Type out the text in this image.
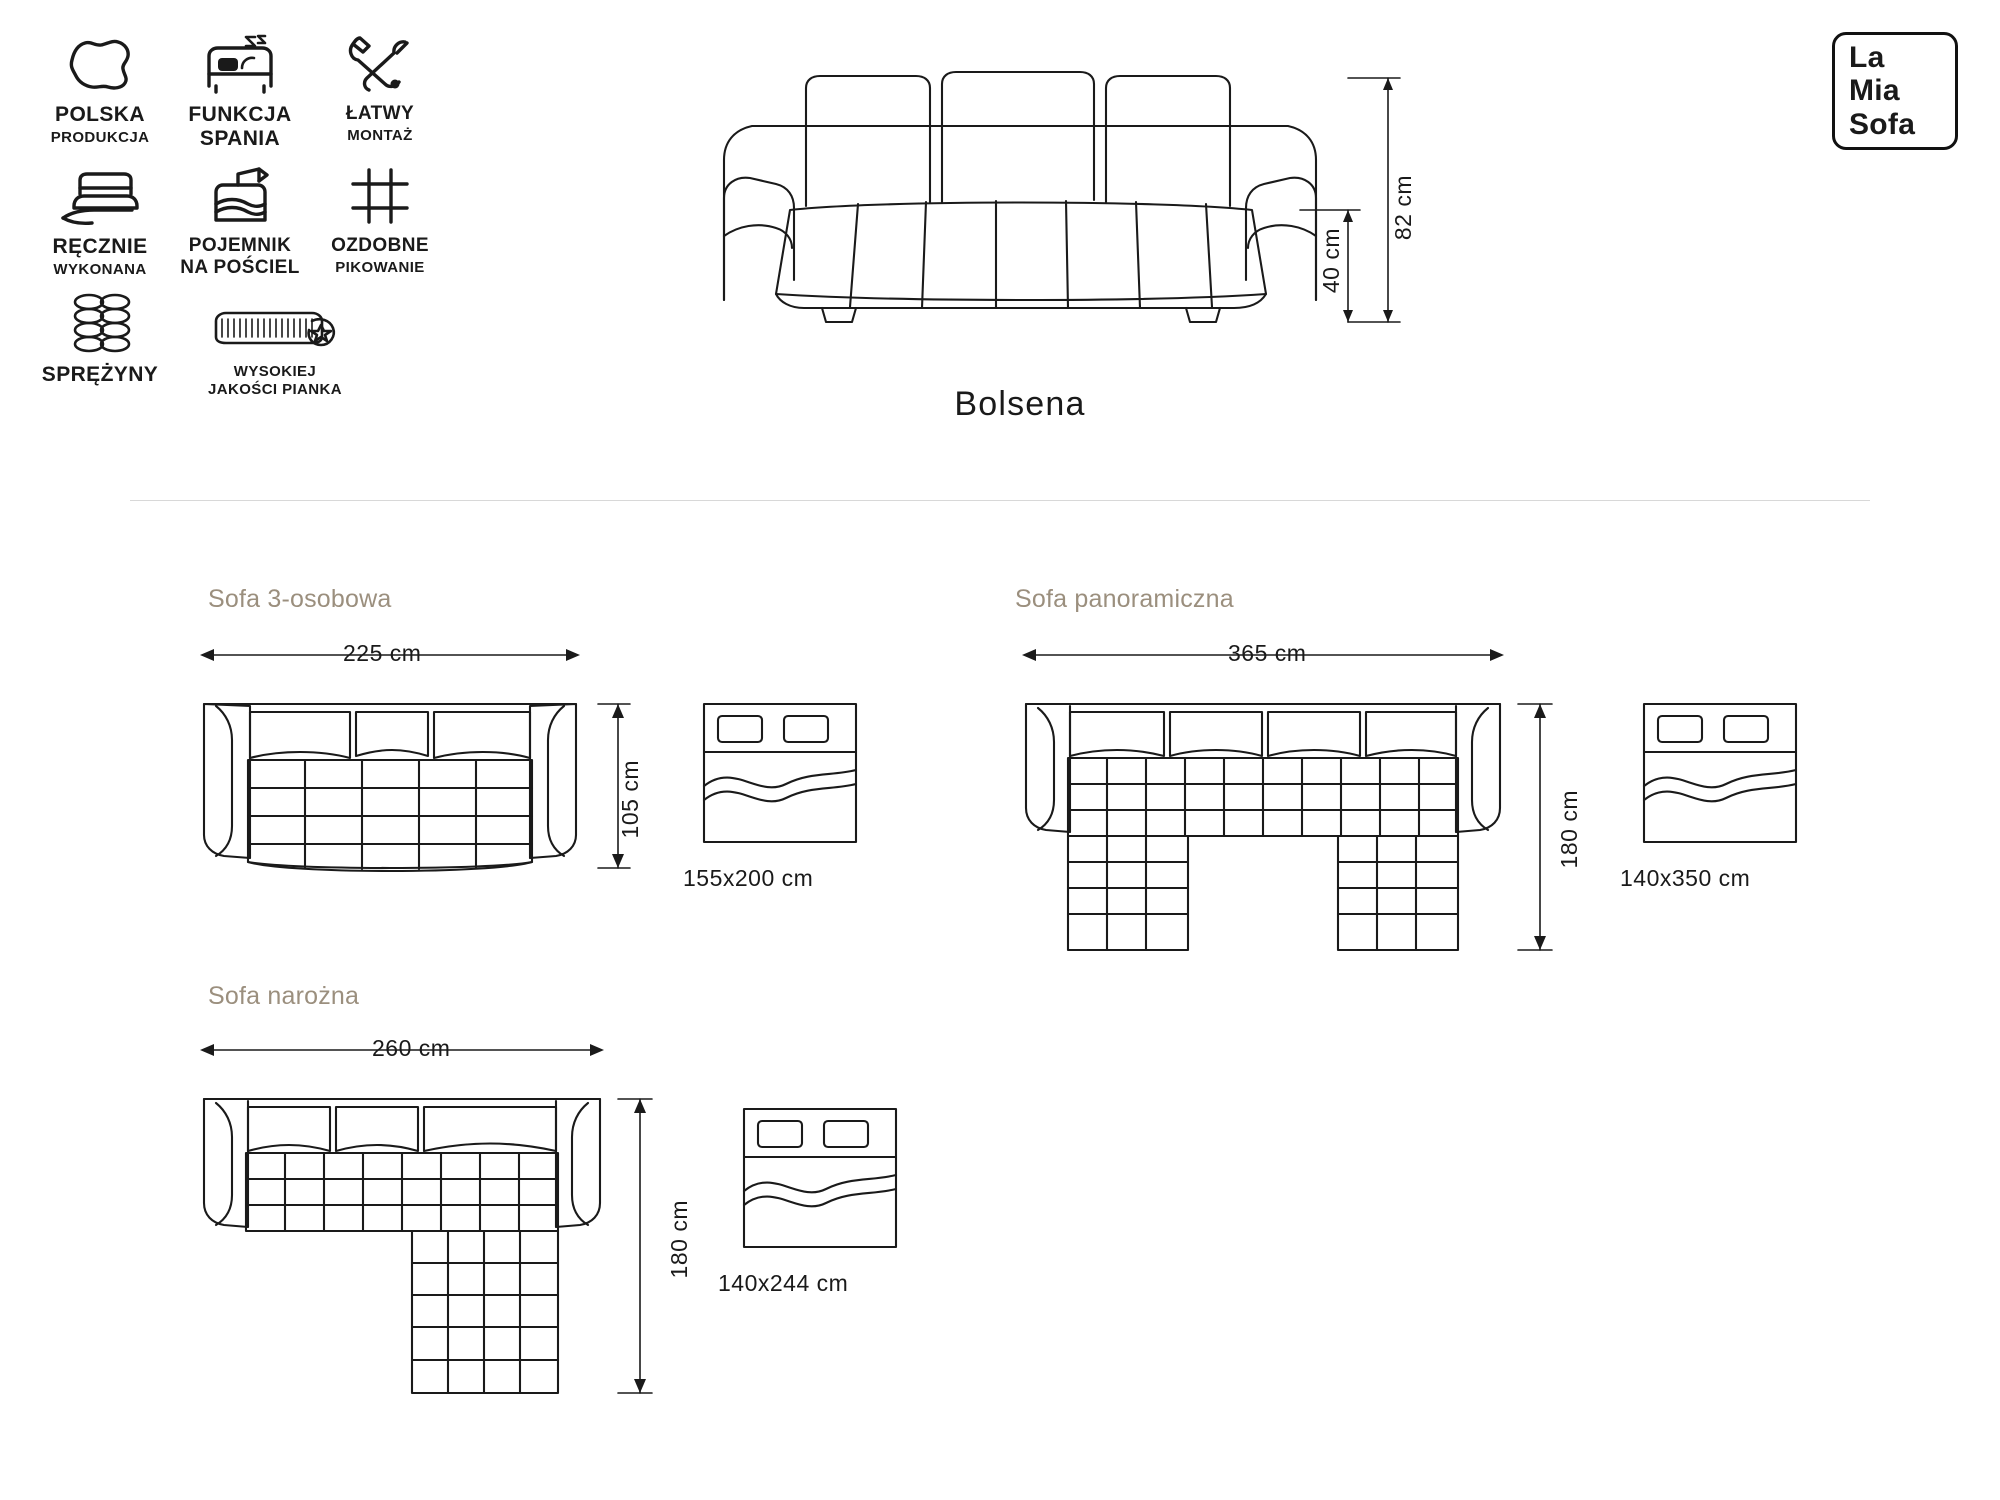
POLSKA
PRODUKCJA
FUNKCJA
SPANIA
ŁATWY
MONTAŻ
RĘCZNIE
WYKONANA
POJEMNIK
NA POŚCIEL
OZDOBNE
PIKOWANIE
SPRĘŻYNY	WYSOKIEJ
JAKOŚCI PIANKA
La
Mia
Sofa
82 cm
40 cm
Bolsena
Sofa 3-osobowa
225 cm
105 cm
155x200 cm
Sofa panoramiczna
365 cm
180 cm
140x350 cm
Sofa narożna
260 cm
180 cm
140x244 cm
